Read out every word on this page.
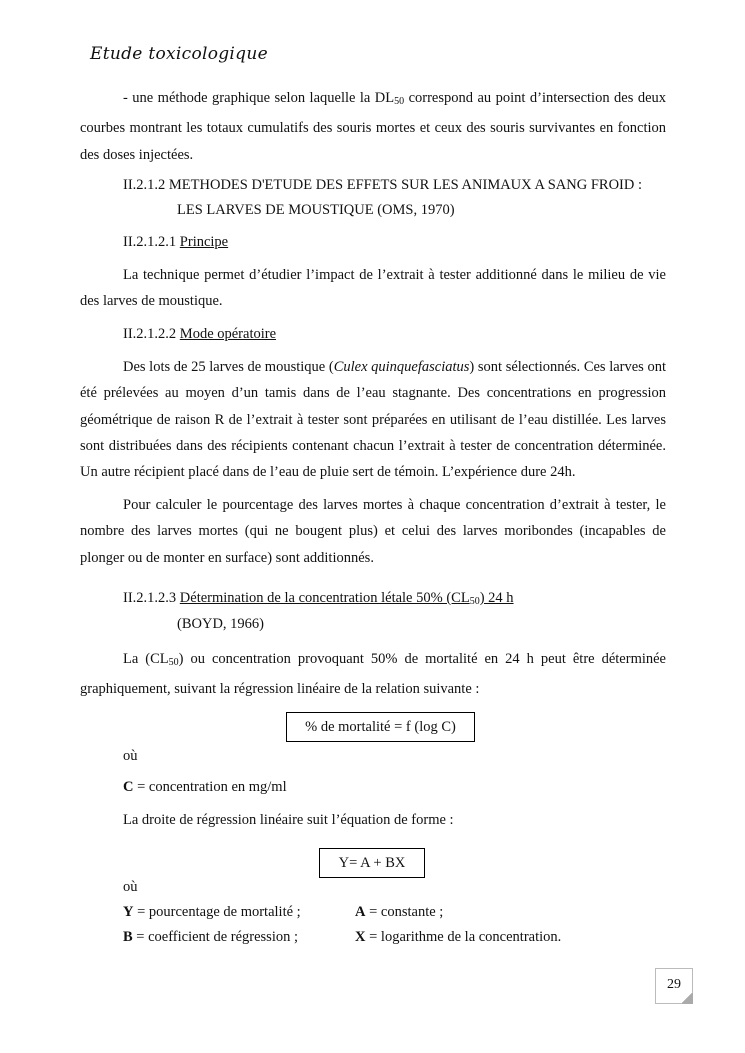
Etude toxicologique
- une méthode graphique selon laquelle la $DL_{50}$ correspond au point d’intersection des deux courbes montrant les totaux cumulatifs des souris mortes et ceux des souris survivantes en fonction des doses injectées.
II.2.1.2 METHODES D'ETUDE DES EFFETS SUR LES ANIMAUX A SANG FROID :
LES LARVES DE MOUSTIQUE (OMS, 1970)
II.2.1.2.1 Principe
La technique permet d’étudier l’impact de l’extrait à tester additionné dans le milieu de vie des larves de moustique.
II.2.1.2.2 Mode opératoire
Des lots de 25 larves de moustique (Culex quinquefasciatus) sont sélectionnés. Ces larves ont été prélevées au moyen d’un tamis dans de l’eau stagnante. Des concentrations en progression géométrique de raison R de l’extrait à tester sont préparées en utilisant de l’eau distillée. Les larves sont distribuées dans des récipients contenant chacun l’extrait à tester de concentration déterminée. Un autre récipient placé dans de l’eau de pluie sert de témoin. L’expérience dure 24h.
Pour calculer le pourcentage des larves mortes à chaque concentration d’extrait à tester, le nombre des larves mortes (qui ne bougent plus) et celui des larves moribondes (incapables de plonger ou de monter en surface) sont additionnés.
II.2.1.2.3 Détermination de la concentration létale 50% $(CL_{50})$ 24 h
(BOYD, 1966)
La $(CL_{50})$ ou concentration provoquant 50% de mortalité en 24 h peut être déterminée graphiquement, suivant la régression linéaire de la relation suivante :
% de mortalité = f (log C)
où
C = concentration en mg/ml
La droite de régression linéaire suit l’équation de forme :
Y= A + BX
où
Y = pourcentage de mortalité ;	A = constante ;
B = coefficient de régression ;	X = logarithme de la concentration.
29
